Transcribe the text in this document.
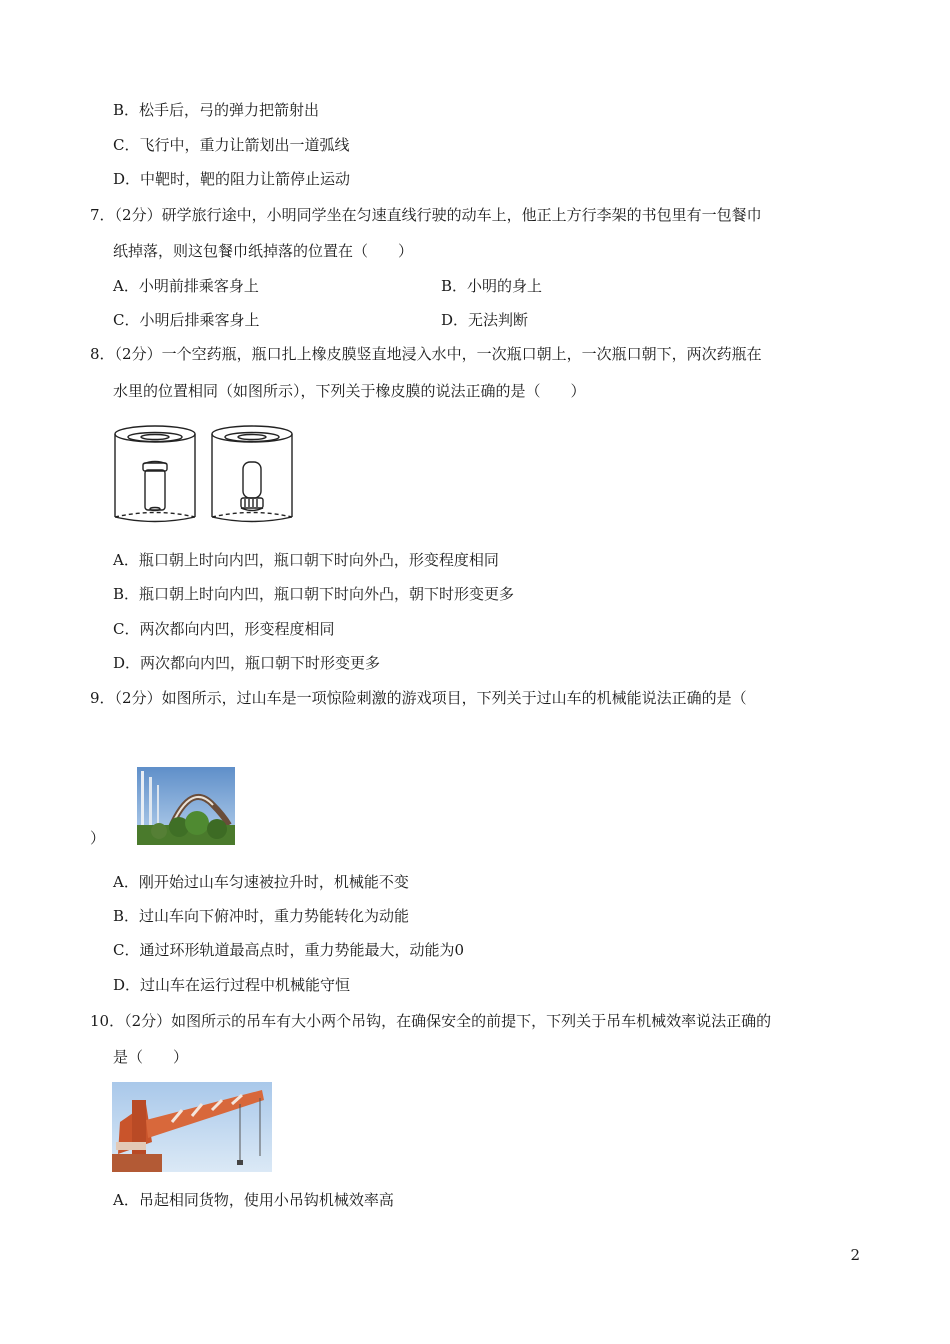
B．松手后，弓的弹力把箭射出
C．飞行中，重力让箭划出一道弧线
D．中靶时，靶的阻力让箭停止运动
7．（2分）研学旅行途中，小明同学坐在匀速直线行驶的动车上，他正上方行李架的书包里有一包餐巾
纸掉落，则这包餐巾纸掉落的位置在（　　）
A．小明前排乘客身上	B．小明的身上
C．小明后排乘客身上	D．无法判断
8．（2分）一个空药瓶，瓶口扎上橡皮膜竖直地浸入水中，一次瓶口朝上，一次瓶口朝下，两次药瓶在
水里的位置相同（如图所示），下列关于橡皮膜的说法正确的是（　　）
A．瓶口朝上时向内凹，瓶口朝下时向外凸，形变程度相同
B．瓶口朝上时向内凹，瓶口朝下时向外凸，朝下时形变更多
C．两次都向内凹，形变程度相同
D．两次都向内凹，瓶口朝下时形变更多
9．（2分）如图所示，过山车是一项惊险刺激的游戏项目，下列关于过山车的机械能说法正确的是（
）
A．刚开始过山车匀速被拉升时，机械能不变
B．过山车向下俯冲时，重力势能转化为动能
C．通过环形轨道最高点时，重力势能最大，动能为0
D．过山车在运行过程中机械能守恒
10．（2分）如图所示的吊车有大小两个吊钩，在确保安全的前提下，下列关于吊车机械效率说法正确的
是（　　）
A．吊起相同货物，使用小吊钩机械效率高
2
